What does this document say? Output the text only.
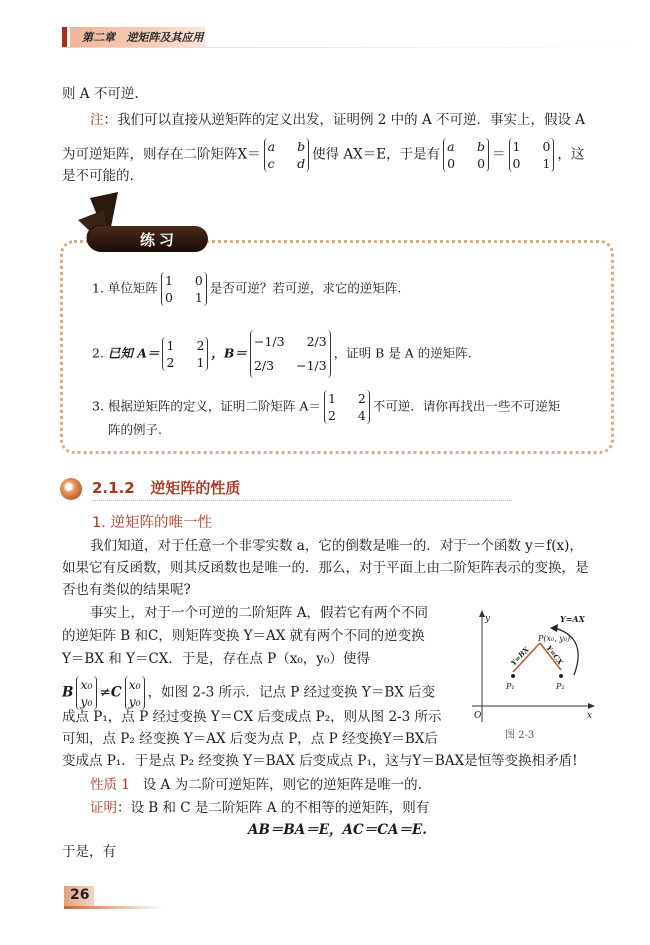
第二章 逆矩阵及其应用
则 A 不可逆.
注：我们可以直接从逆矩阵的定义出发，证明例 2 中的 A 不可逆．事实上，假设 A
为可逆矩阵，则存在二阶矩阵X＝ a b
c d
使得 AX＝E，于是有 a b
0 0
＝ 1 0
0 1
，这
是不可能的.
练习
1. 单位矩阵 1 0
0 1
是否可逆？若可逆，求它的逆矩阵.
2. 已知 A＝ 1 2
2 1
，B＝
−1/3 2/3
2/3 −1/3
，证明 B 是 A 的逆矩阵.
3. 根据逆矩阵的定义，证明二阶矩阵 A＝ 1 2
2 4
不可逆．请你再找出一些不可逆矩
阵的例子.
2.1.2 逆矩阵的性质
1. 逆矩阵的唯一性
我们知道，对于任意一个非零实数 a，它的倒数是唯一的．对于一个函数 y＝f(x)，
如果它有反函数，则其反函数也是唯一的．那么，对于平面上由二阶矩阵表示的变换，是
否也有类似的结果呢?
事实上，对于一个可逆的二阶矩阵 A，假若它有两个不同
的逆矩阵 B 和C，则矩阵变换 Y＝AX 就有两个不同的逆变换
Y＝BX 和 Y＝CX．于是，存在点 P（x₀，y₀）使得
B x₀
y₀
≠C x₀
y₀
，如图 2-3 所示．记点 P 经过变换 Y＝BX 后变
成点 P₁，点 P 经过变换 Y＝CX 后变成点 P₂，则从图 2-3 所示
可知，点 P₂ 经变换 Y＝AX 后变为点 P，点 P 经变换Y＝BX后
变成点 P₁．于是点 P₂ 经变换 Y＝BAX 后变成点 P₁，这与Y＝BAX是恒等变换相矛盾!
性质 1 设 A 为二阶可逆矩阵，则它的逆矩阵是唯一的.
证明：设 B 和 C 是二阶矩阵 A 的不相等的逆矩阵，则有
AB＝BA＝E，AC＝CA＝E.
于是，有
y
x
O
P(x₀, y₀)
P₁	P₂
Y=AX
Y=BX Y=CX
图 2-3
26
